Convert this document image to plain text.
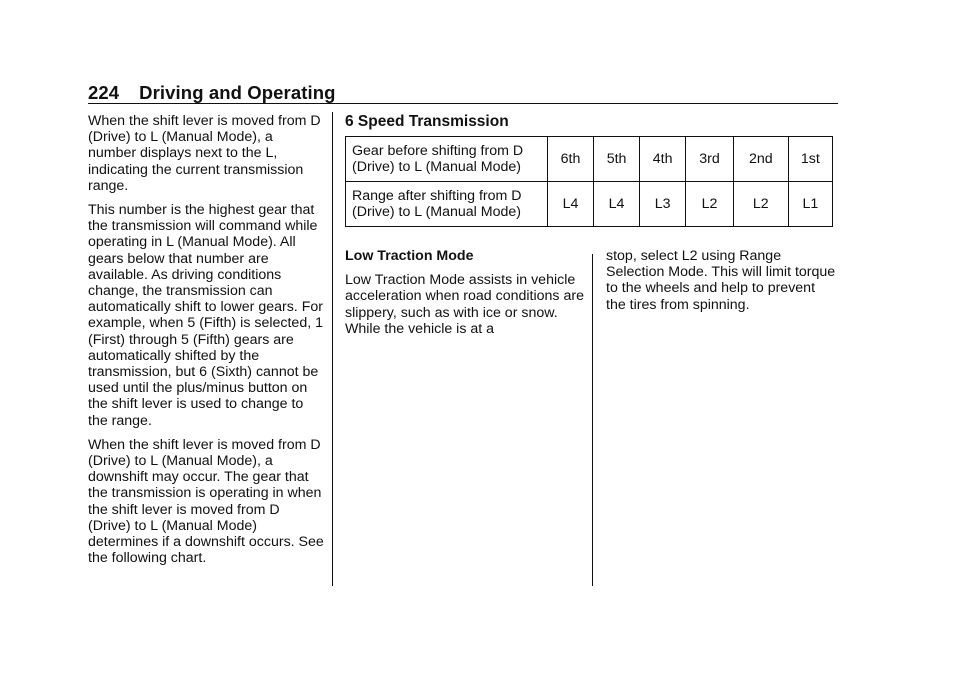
224 Driving and Operating

When the shift lever is moved from D (Drive) to L (Manual Mode), a number displays next to the L, indicating the current transmission range.

This number is the highest gear that the transmission will command while operating in L (Manual Mode). All gears below that number are available. As driving conditions change, the transmission can automatically shift to lower gears. For example, when 5 (Fifth) is selected, 1 (First) through 5 (Fifth) gears are automatically shifted by the transmission, but 6 (Sixth) cannot be used until the plus/minus button on the shift lever is used to change to the range.

When the shift lever is moved from D (Drive) to L (Manual Mode), a downshift may occur. The gear that the transmission is operating in when the shift lever is moved from D (Drive) to L (Manual Mode) determines if a downshift occurs. See the following chart.

6 Speed Transmission
Gear before shifting from D (Drive) to L (Manual Mode)	6th	5th	4th	3rd	2nd	1st
Range after shifting from D (Drive) to L (Manual Mode)	L4	L4	L3	L2	L2	L1
Low Traction Mode

Low Traction Mode assists in vehicle acceleration when road conditions are slippery, such as with ice or snow. While the vehicle is at a

stop, select L2 using Range Selection Mode. This will limit torque to the wheels and help to prevent the tires from spinning.
